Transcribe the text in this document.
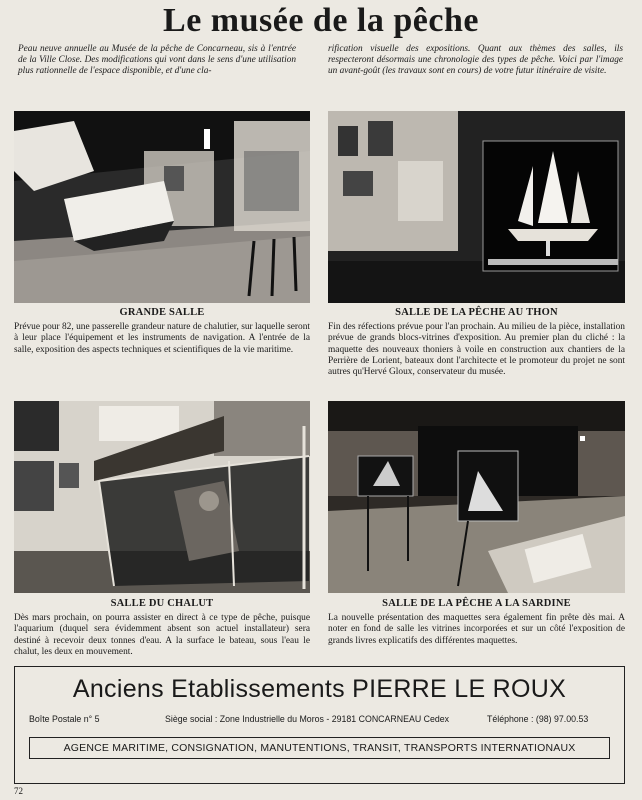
Le musée de la pêche
Peau neuve annuelle au Musée de la pêche de Concarneau, sis à l'entrée de la Ville Close. Des modifications qui vont dans le sens d'une utilisation plus rationnelle de l'espace disponible, et d'une cla-
rification visuelle des expositions. Quant aux thèmes des salles, ils respecteront désormais une chronologie des types de pêche. Voici par l'image un avant-goût (les travaux sont en cours) de votre futur itinéraire de visite.
GRANDE SALLE
Prévue pour 82, une passerelle grandeur nature de chalutier, sur laquelle seront à leur place l'équipement et les instruments de navigation. A l'entrée de la salle, exposition des aspects techniques et scientifiques de la vie maritime.
SALLE DE LA PÊCHE AU THON
Fin des réfections prévue pour l'an prochain. Au milieu de la pièce, installation prévue de grands blocs-vitrines d'exposition. Au premier plan du cliché : la maquette des nouveaux thoniers à voile en construction aux chantiers de la Perrière de Lorient, bateaux dont l'architecte et le promoteur du projet ne sont autres qu'Hervé Gloux, conservateur du musée.
SALLE DU CHALUT
Dès mars prochain, on pourra assister en direct à ce type de pêche, puisque l'aquarium (duquel sera évidemment absent son actuel installateur) sera destiné à recevoir deux tonnes d'eau. A la surface le bateau, sous l'eau le chalut, les deux en mouvement.
SALLE DE LA PÊCHE A LA SARDINE
La nouvelle présentation des maquettes sera également fin prête dès mai. A noter en fond de salle les vitrines incorporées et sur un côté l'exposition de grands livres explicatifs des différentes maquettes.
Anciens Etablissements PIERRE LE ROUX
Boîte Postale n° 5	Siège social : Zone Industrielle du Moros - 29181 CONCARNEAU Cedex	Téléphone : (98) 97.00.53
AGENCE MARITIME, CONSIGNATION, MANUTENTIONS, TRANSIT, TRANSPORTS INTERNATIONAUX
72
